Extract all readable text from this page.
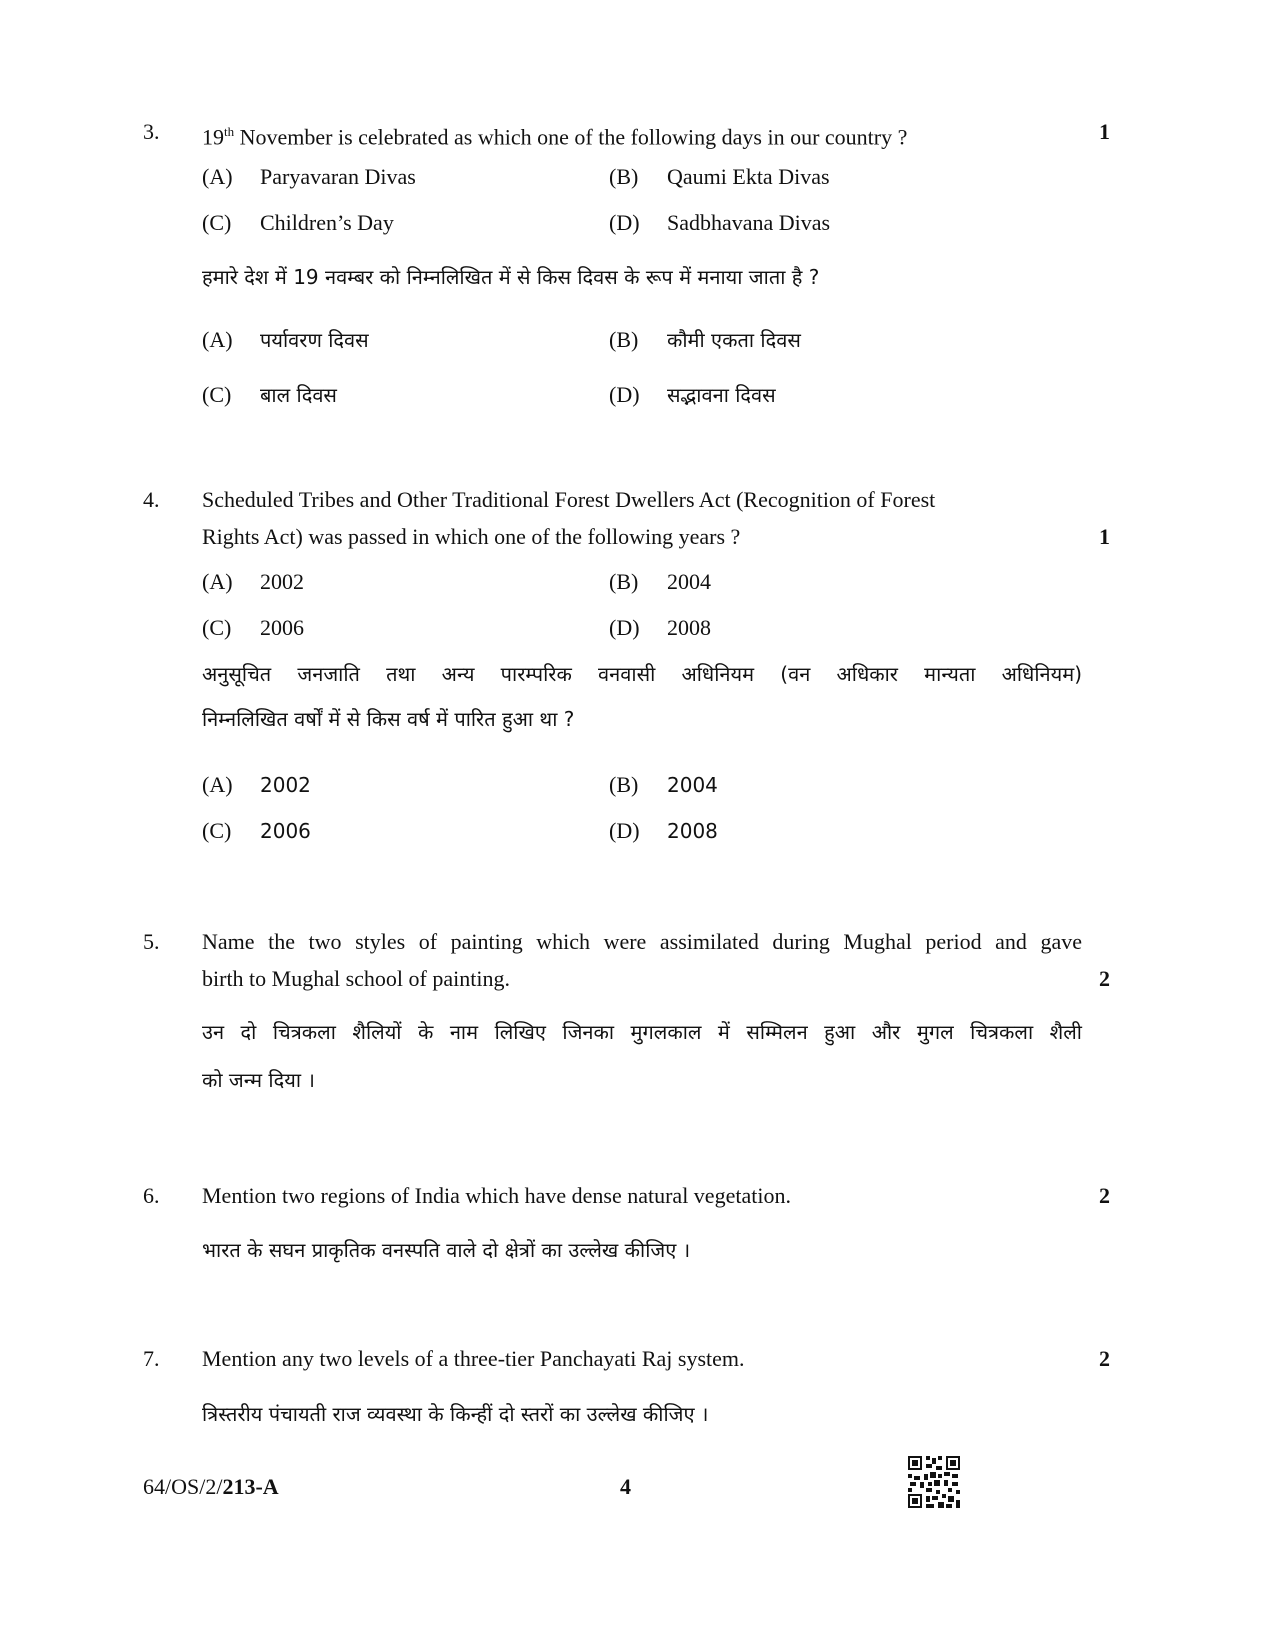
3. 19th November is celebrated as which one of the following days in our country ?	1
(A) Paryavaran Divas	(B) Qaumi Ekta Divas
(C) Children’s Day	(D) Sadbhavana Divas
हमारे देश में 19 नवम्बर को निम्नलिखित में से किस दिवस के रूप में मनाया जाता है ?
(A) पर्यावरण दिवस	(B) कौमी एकता दिवस
(C) बाल दिवस	(D) सद्भावना दिवस
4. Scheduled Tribes and Other Traditional Forest Dwellers Act (Recognition of Forest
Rights Act) was passed in which one of the following years ?	1
(A) 2002	(B) 2004
(C) 2006	(D) 2008
अनुसूचित जनजाति तथा अन्य पारम्परिक वनवासी अधिनियम (वन अधिकार मान्यता अधिनियम)
निम्नलिखित वर्षों में से किस वर्ष में पारित हुआ था ?
(A) 2002	(B) 2004
(C) 2006	(D) 2008
5. Name the two styles of painting which were assimilated during Mughal period and gave
birth to Mughal school of painting.	2
उन दो चित्रकला शैलियों के नाम लिखिए जिनका मुगलकाल में सम्मिलन हुआ और मुगल चित्रकला शैली
को जन्म दिया ।
6. Mention two regions of India which have dense natural vegetation.	2
भारत के सघन प्राकृतिक वनस्पति वाले दो क्षेत्रों का उल्लेख कीजिए ।
7. Mention any two levels of a three-tier Panchayati Raj system.	2
त्रिस्तरीय पंचायती राज व्यवस्था के किन्हीं दो स्तरों का उल्लेख कीजिए ।
64/OS/2/213-A	4
